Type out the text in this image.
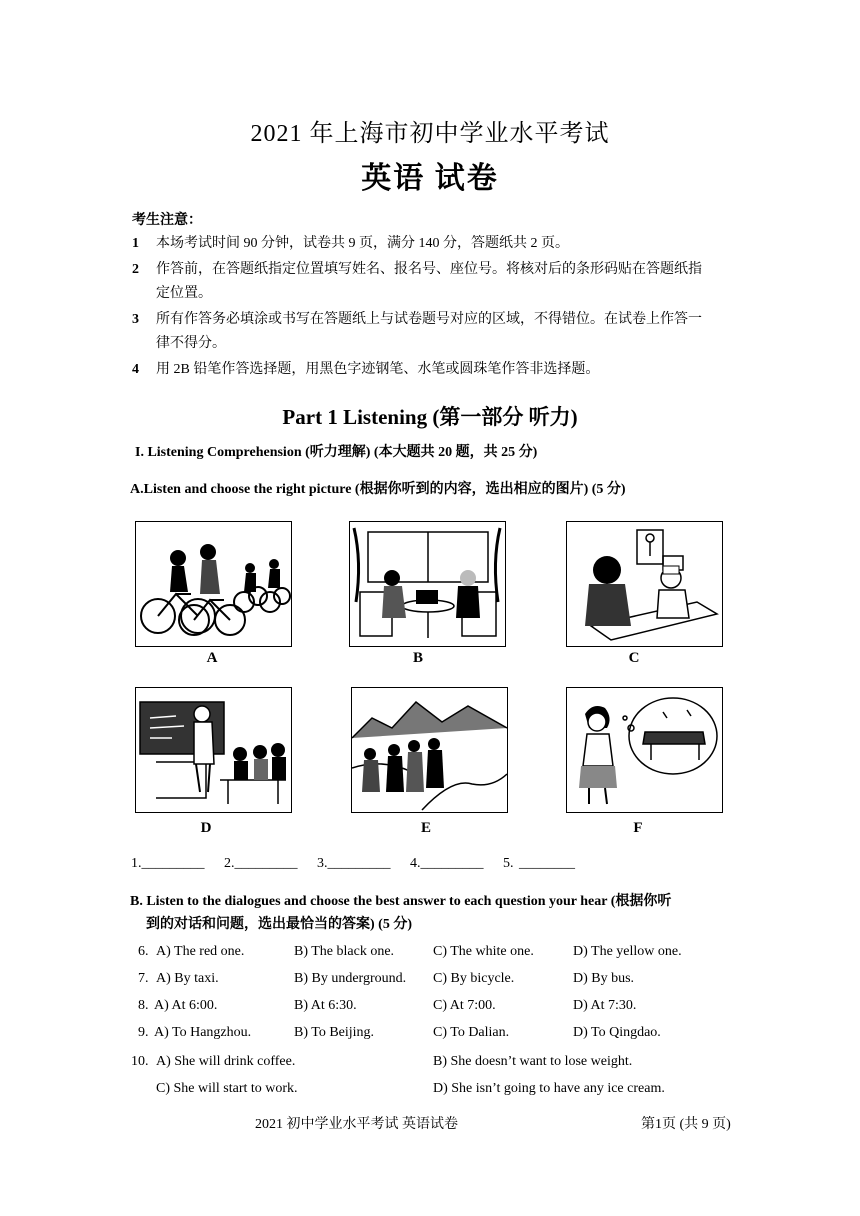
2021 年上海市初中学业水平考试
英语 试卷
考生注意：
1 本场考试时间 90 分钟，试卷共 9 页，满分 140 分，答题纸共 2 页。
2 作答前，在答题纸指定位置填写姓名、报名号、座位号。将核对后的条形码贴在答题纸指定位置。
3 所有作答务必填涂或书写在答题纸上与试卷题号对应的区域，不得错位。在试卷上作答一律不得分。
4 用 2B 铅笔作答选择题，用黑色字迹钢笔、水笔或圆珠笔作答非选择题。
Part 1 Listening (第一部分 听力)
I. Listening Comprehension (听力理解) (本大题共 20 题，共 25 分)
A.Listen and choose the right picture (根据你听到的内容，选出相应的图片) (5 分)
A	B	C
D	E	F
1._________ 2._________ 3._________ 4._________ 5. ________
B. Listen to the dialogues and choose the best answer to each question your hear (根据你听
到的对话和问题，选出最恰当的答案) (5 分)
6. A) The red one.	B) The black one.	C) The white one.	D) The yellow one.
7. A) By taxi.	B) By underground. C) By bicycle.	D) By bus.
8. A) At 6:00.	B) At 6:30.	C) At 7:00.	D) At 7:30.
9. A) To Hangzhou.	B) To Beijing.	C) To Dalian.	D) To Qingdao.
10. A) She will drink coffee.	B) She doesn’t want to lose weight.
C) She will start to work.	D) She isn’t going to have any ice cream.
2021 初中学业水平考试 英语试卷	第1页 (共 9 页)
